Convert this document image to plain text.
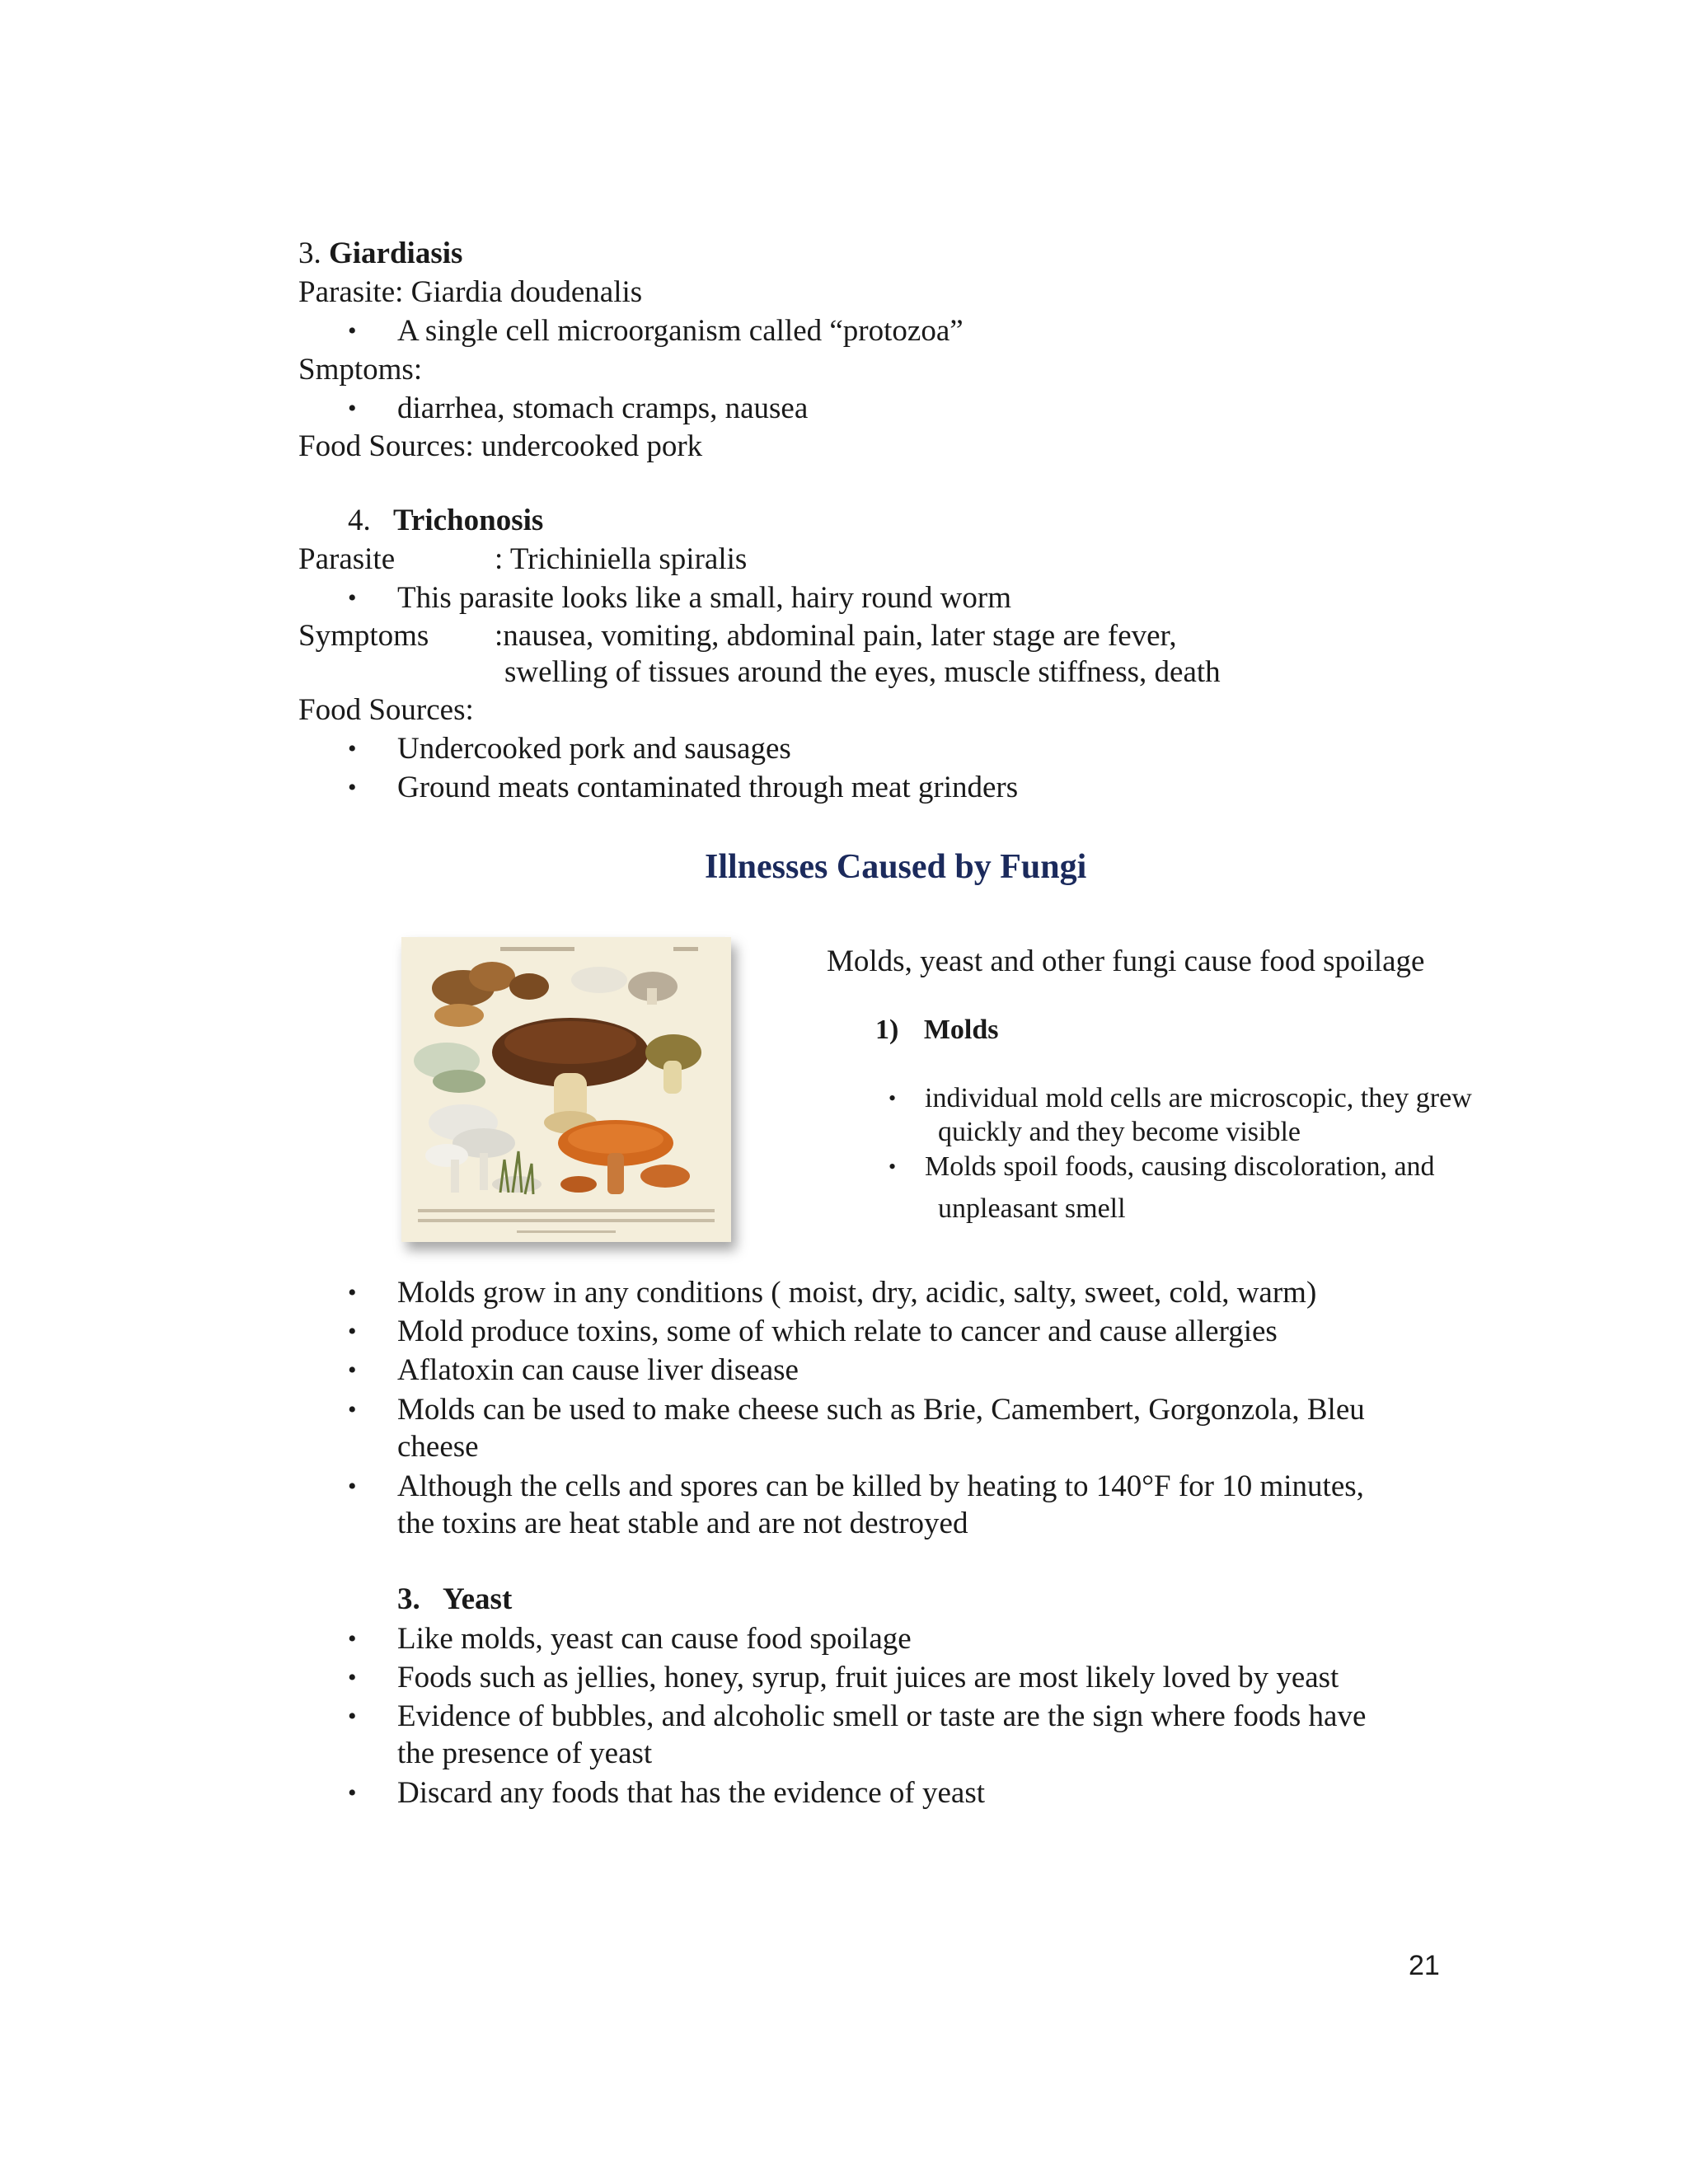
3. Giardiasis
Parasite: Giardia doudenalis
• A single cell microorganism called “protozoa”
Smptoms:
• diarrhea, stomach cramps, nausea
Food Sources: undercooked pork
4. Trichonosis
Parasite	: Trichiniella spiralis
• This parasite looks like a small, hairy round worm
Symptoms :nausea, vomiting, abdominal pain, later stage are fever,
swelling of tissues around the eyes, muscle stiffness, death
Food Sources:
• Undercooked pork and sausages
• Ground meats contaminated through meat grinders
Illnesses Caused by Fungi
Molds, yeast and other fungi cause food spoilage
1) Molds
• individual mold cells are microscopic, they grew
quickly and they become visible
• Molds spoil foods, causing discoloration, and
unpleasant smell
• Molds grow in any conditions ( moist, dry, acidic, salty, sweet, cold, warm)
• Mold produce toxins, some of which relate to cancer and cause allergies
• Aflatoxin can cause liver disease
• Molds can be used to make cheese such as Brie, Camembert, Gorgonzola, Bleu
cheese
• Although the cells and spores can be killed by heating to 140°F for 10 minutes,
the toxins are heat stable and are not destroyed
3. Yeast
• Like molds, yeast can cause food spoilage
• Foods such as jellies, honey, syrup, fruit juices are most likely loved by yeast
• Evidence of bubbles, and alcoholic smell or taste are the sign where foods have
the presence of yeast
• Discard any foods that has the evidence of yeast
21
